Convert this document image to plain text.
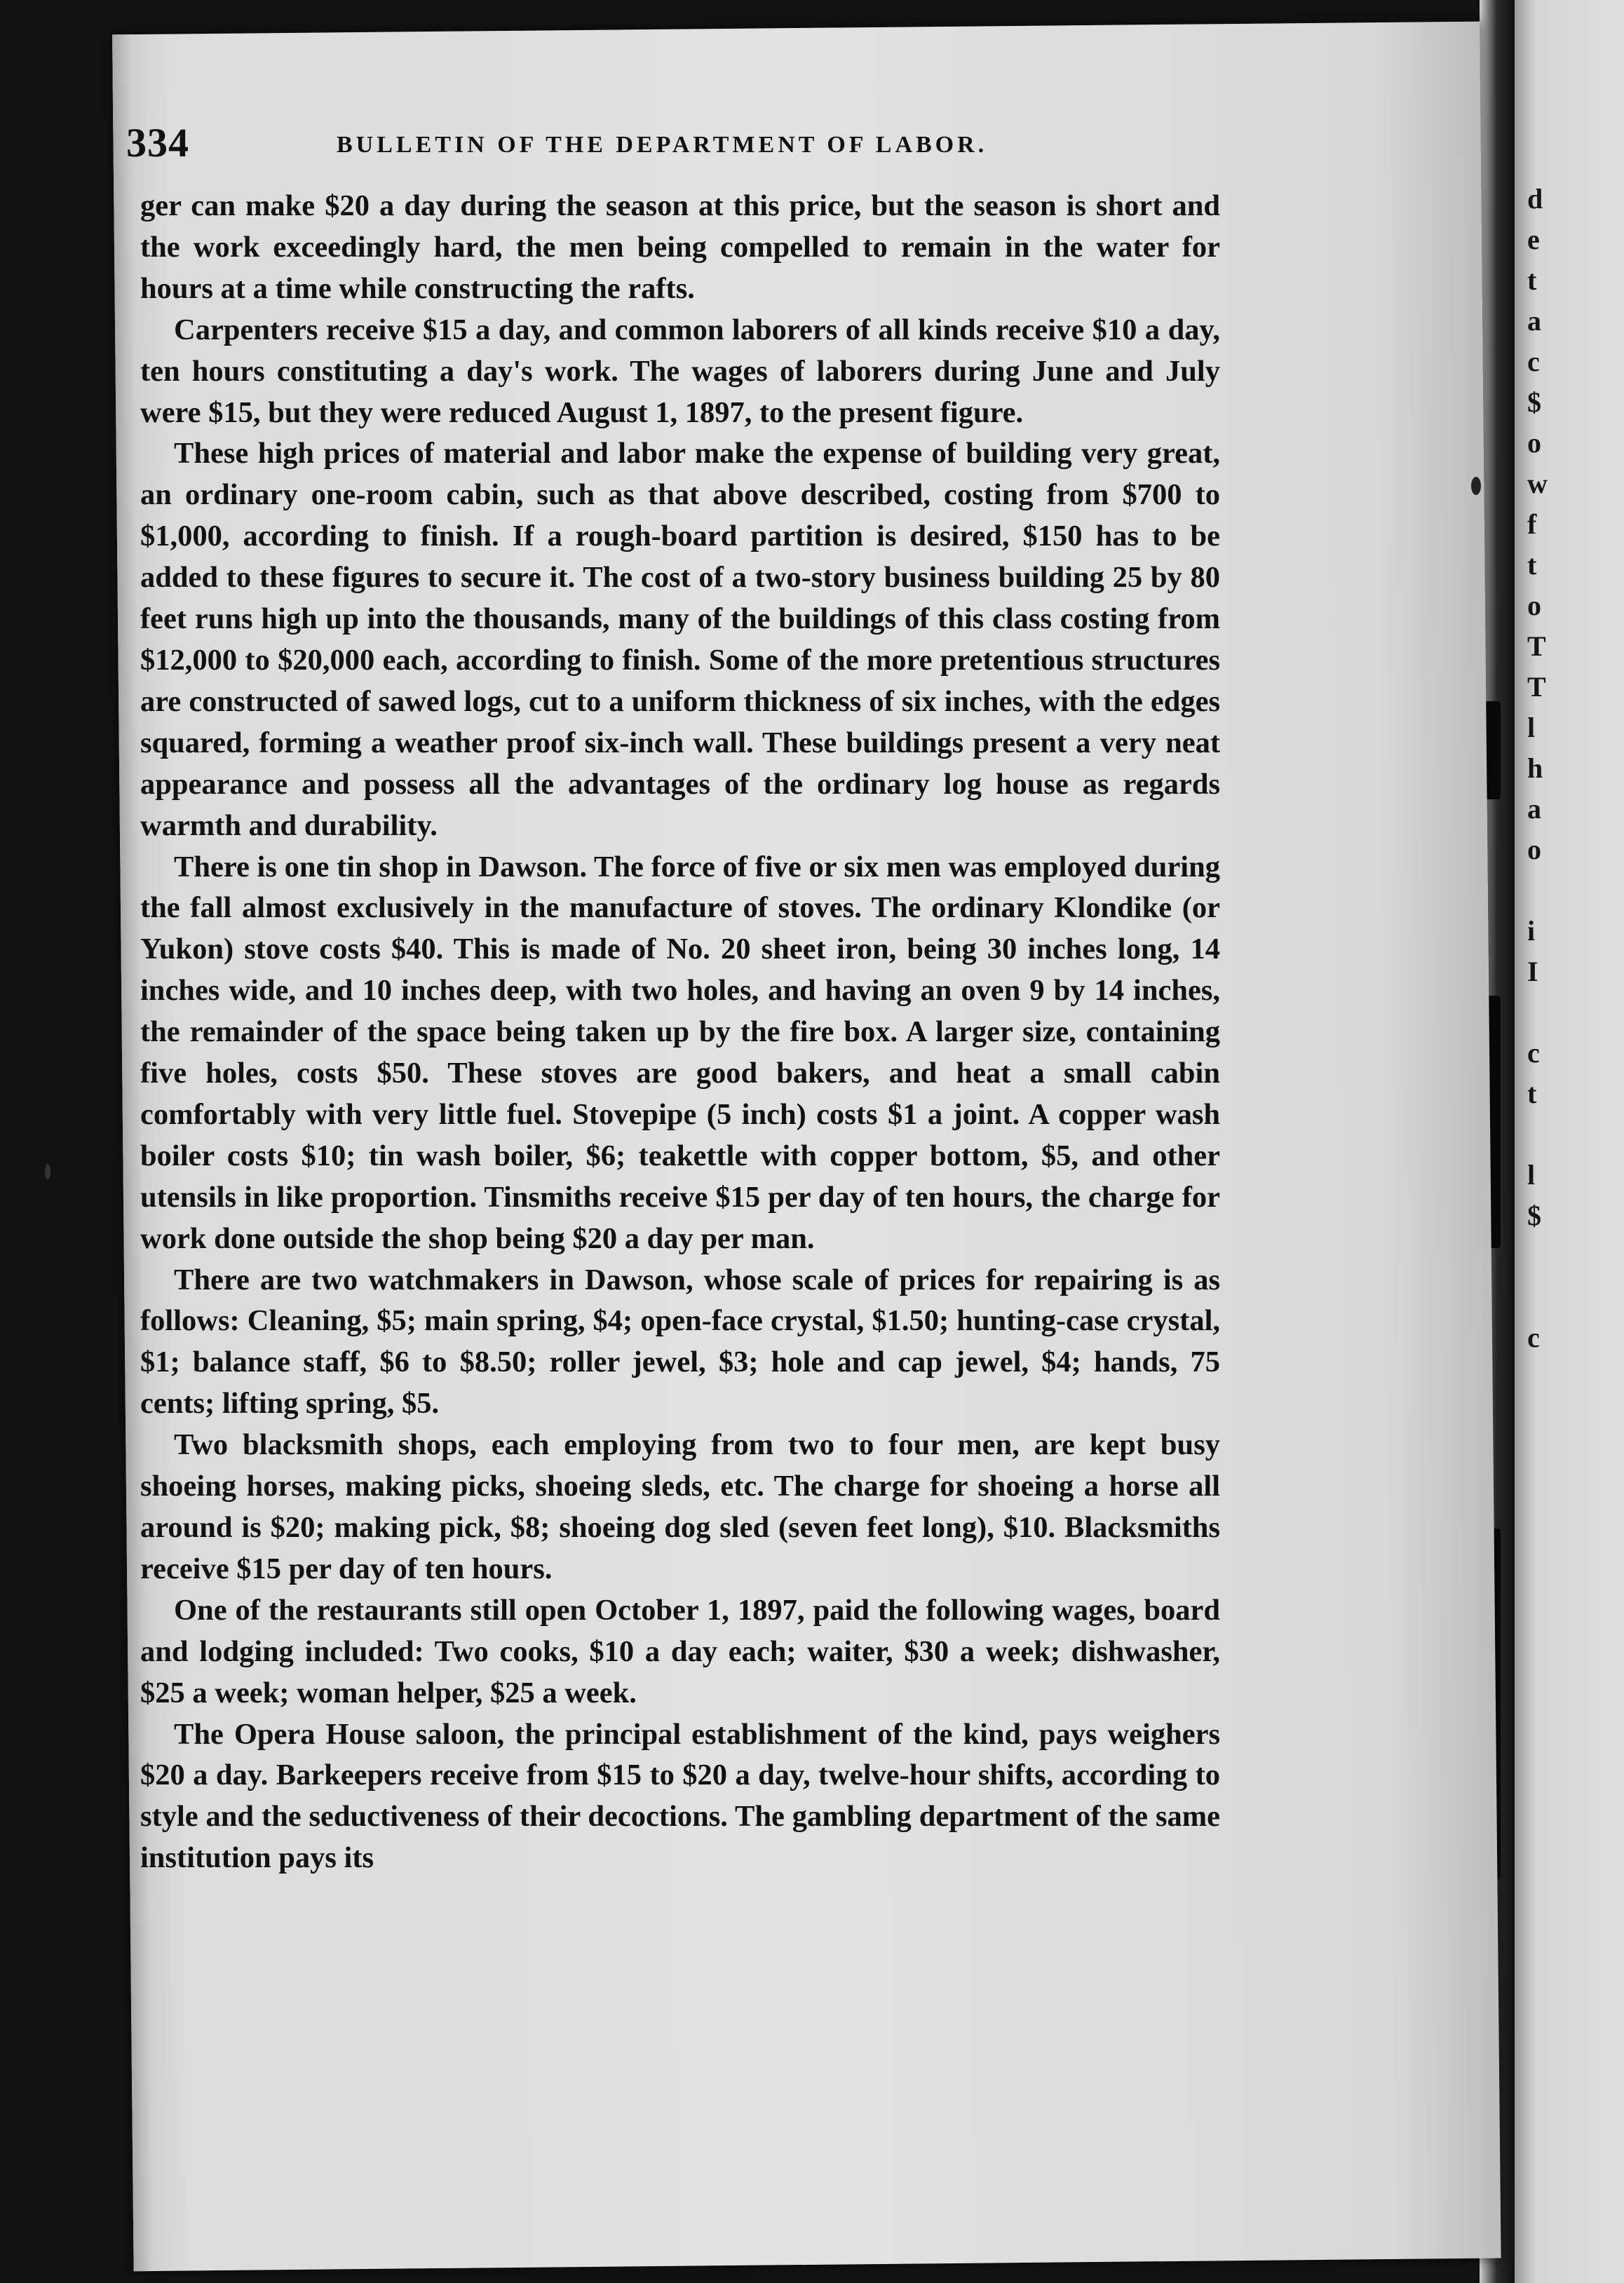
d
e
t
a
c
$
o
w
f
t
o
T
T
l
h
a
o
i
I
c
t
l
$
c
334	BULLETIN OF THE DEPARTMENT OF LABOR.

ger can make $20 a day during the season at this price, but the season is short and the work exceedingly hard, the men being compelled to remain in the water for hours at a time while constructing the rafts.

Carpenters receive $15 a day, and common laborers of all kinds receive $10 a day, ten hours constituting a day's work. The wages of laborers during June and July were $15, but they were reduced August 1, 1897, to the present figure.

These high prices of material and labor make the expense of building very great, an ordinary one-room cabin, such as that above described, costing from $700 to $1,000, according to finish. If a rough-board partition is desired, $150 has to be added to these figures to secure it. The cost of a two-story business building 25 by 80 feet runs high up into the thousands, many of the buildings of this class costing from $12,000 to $20,000 each, according to finish. Some of the more pretentious structures are constructed of sawed logs, cut to a uniform thickness of six inches, with the edges squared, forming a weather proof six-inch wall. These buildings present a very neat appearance and possess all the advantages of the ordinary log house as regards warmth and durability.

There is one tin shop in Dawson. The force of five or six men was employed during the fall almost exclusively in the manufacture of stoves. The ordinary Klondike (or Yukon) stove costs $40. This is made of No. 20 sheet iron, being 30 inches long, 14 inches wide, and 10 inches deep, with two holes, and having an oven 9 by 14 inches, the remainder of the space being taken up by the fire box. A larger size, containing five holes, costs $50. These stoves are good bakers, and heat a small cabin comfortably with very little fuel. Stovepipe (5 inch) costs $1 a joint. A copper wash boiler costs $10; tin wash boiler, $6; teakettle with copper bottom, $5, and other utensils in like proportion. Tinsmiths receive $15 per day of ten hours, the charge for work done outside the shop being $20 a day per man.

There are two watchmakers in Dawson, whose scale of prices for repairing is as follows: Cleaning, $5; main spring, $4; open-face crystal, $1.50; hunting-case crystal, $1; balance staff, $6 to $8.50; roller jewel, $3; hole and cap jewel, $4; hands, 75 cents; lifting spring, $5.

Two blacksmith shops, each employing from two to four men, are kept busy shoeing horses, making picks, shoeing sleds, etc. The charge for shoeing a horse all around is $20; making pick, $8; shoeing dog sled (seven feet long), $10. Blacksmiths receive $15 per day of ten hours.

One of the restaurants still open October 1, 1897, paid the following wages, board and lodging included: Two cooks, $10 a day each; waiter, $30 a week; dishwasher, $25 a week; woman helper, $25 a week.

The Opera House saloon, the principal establishment of the kind, pays weighers $20 a day. Barkeepers receive from $15 to $20 a day, twelve-hour shifts, according to style and the seductiveness of their decoctions. The gambling department of the same institution pays its
